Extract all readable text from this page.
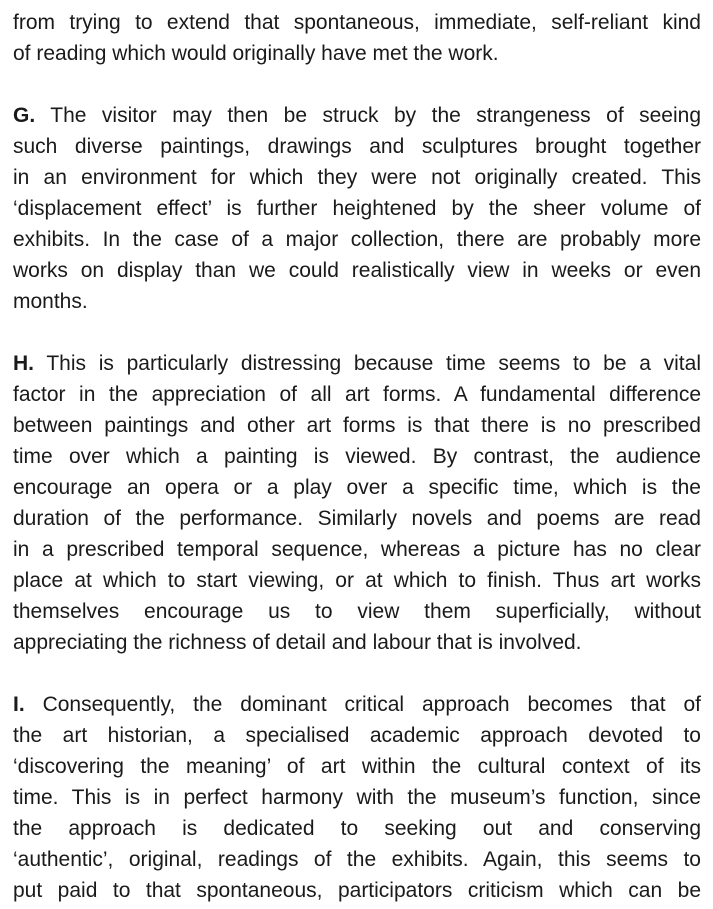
from trying to extend that spontaneous, immediate, self-reliant kind
of reading which would originally have met the work.
G. The visitor may then be struck by the strangeness of seeing
such diverse paintings, drawings and sculptures brought together
in an environment for which they were not originally created. This
‘displacement effect’ is further heightened by the sheer volume of
exhibits. In the case of a major collection, there are probably more
works on display than we could realistically view in weeks or even
months.
H. This is particularly distressing because time seems to be a vital
factor in the appreciation of all art forms. A fundamental difference
between paintings and other art forms is that there is no prescribed
time over which a painting is viewed. By contrast, the audience
encourage an opera or a play over a specific time, which is the
duration of the performance. Similarly novels and poems are read
in a prescribed temporal sequence, whereas a picture has no clear
place at which to start viewing, or at which to finish. Thus art works
themselves encourage us to view them superficially, without
appreciating the richness of detail and labour that is involved.
I. Consequently, the dominant critical approach becomes that of
the art historian, a specialised academic approach devoted to
‘discovering the meaning’ of art within the cultural context of its
time. This is in perfect harmony with the museum’s function, since
the approach is dedicated to seeking out and conserving
‘authentic’, original, readings of the exhibits. Again, this seems to
put paid to that spontaneous, participators criticism which can be
